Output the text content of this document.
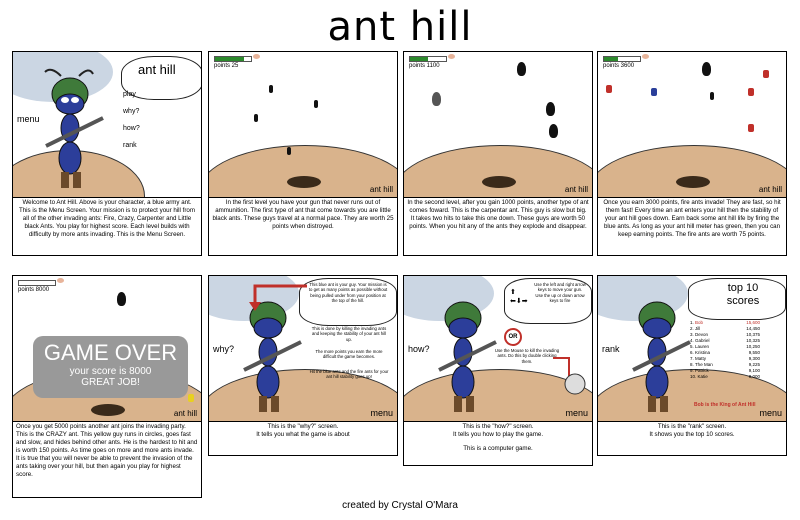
ant hill
ant hill
play
why?
how?
rank
menu
Welcome to Ant Hill. Above is your character, a blue army ant. This is the Menu Screen. Your mission is to protect your hill from all of the other invading ants: Fire, Crazy, Carpenter and Little black Ants. You play for highest score. Each level builds with difficulty by more ants invading. This is the Menu Screen.
points 25
ant hill
In the first level you have your gun that never runs out of ammunition. The first type of ant that come towards you are little black ants. These guys travel at a normal pace. They are worth 25 points when distroyed.
points 1100
ant hill
In the second level, after you gain 1000 points, another type of ant comes foward. This is the carpentar ant. This guy is slow but big. It takes two hits to take this one down. These guys are worth 50 points. When you hit any of the ants they explode and disappear.
points 3600
ant hill
Once you earn 3000 points, fire ants invade! They are fast, so hit them fast! Every time an ant enters your hill then the stability of your ant hill goes down. Earn back some ant hill life by firing the blue ants. As long as your ant hill meter has green, then you can keep earning points. The fire ants are worth 75 points.
points 8000
GAME OVER
your score is 8000
GREAT JOB!
ant hill
Once you get 5000 points another ant joins the invading party. This is the CRAZY ant. This yellow guy runs in circles, goes fast and slow, and hides behind other ants. He is the hardest to hit and is worth 150 points. As time goes on more and more ants invade. It is true that you will never be able to prevent the invasion of the ants taking over your hill, but then again you play for highest score.
This blue ant is your guy. Your mission is to get as many points as possible without being pulled under from your position at the top of the hill.
This is done by killing the invading ants and keeping the stability of your ant hill up.
The more points you earn the more difficult the game becomes.
Hit the blue ants and the fire ants for your ant hill stability goes up!
why?
menu
This is the "why?" screen.
It tells you what the game is about
⬆
⬅⬇➡
Use the left and right arrow keys to move your gun. Use the up or down arrow keys to fire
OR
Use the Mouse to kill the invading ants. Do this by double clicking them.
how?
menu
This is the "how?" screen.
It tells you how to play the game.
This is a computer game.
top 10 scores
1. Bob	15,600
2. Jill	14,450
3. Devon	10,375
4. Gabriel	10,325
5. Lauren	10,250
6. Kristina	9,550
7. Matty	9,300
8. The Man	9,225
9. Patrick	9,100
10. Katie	8,000
Bob is the King of Ant Hill
rank
menu
This is the "rank" screen.
It shows you the top 10 scores.
created by Crystal O'Mara
